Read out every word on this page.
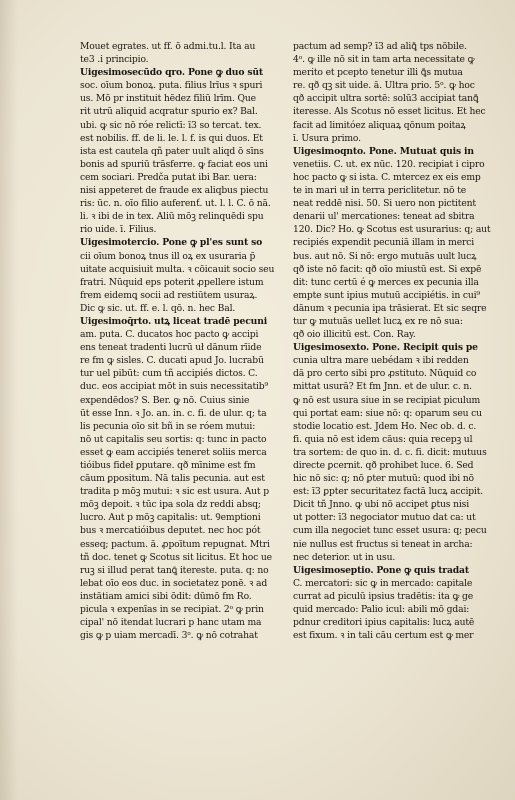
Mouet egrates. ut ff. ō admi.tu.l. Ita au
te3 .i principio.
Uigesimosecūdo qro. Pone ꝙ duo sūt
soc. oīum bonoꝝ. puta. filius lrīus ꝛ spuri
us. Mō pr instituit hēdez filiū lrīm. Que
rit utrū aliquid acqratur spurio ex? Bal.
ubi. ꝙ sic nō róe relictī: ī3 so tercat. tex.
est nobilis. ff. de li. le. l. f. is qui duos. Et
ista est cautela qñ pater uult aliqd ō sīns
bonis ad spuriū trāsferre. ꝙ faciat eos uni
cem sociari. Predča putat ibi Bar. uera:
nisi appeteret de fraude ex aliqbus piectu
ris: ūc. n. oīo filio auferenť. ut. l. l. C. ō nā.
li. ꝛ ibi de in tex. Aliū mōꝫ relinquēdi spu
rio uide. ī. Filius.
Uigesimotercio. Pone ꝙ pl'es sunt so
cii oīum bonoꝝ tnus ill oꝝ ex usuraria p̄
uitate acquisiuit multa. ꝛ cōicauit socio seu
fratri. Nūquid eps poterit ꝓpellere istum
frem eidemꝗ socii ad restiūtem usuraꝝ.
Dic ꝙ sic. ut. ff. e. l. qō. n. hec Bal.
Uigesimoq̄rto. utꝝ liceat tradē pecuni
am. puta. C. ducatos hoc pacto ꝙ accipi
ens teneat tradenti lucrū uł dānum rīide
re fm ꝙ sisles. C. ducati apud Jo. lucrabū
tur uel pibūt: cum tñ accipiés dictos. C.
duc. eos accipiat mōt in suis necessitatib⁹
expendēdos? S. Ber. ꝙ nō. Cuius sinie
ūt esse Inn. ꝛ Jo. an. in. c. fi. de ulur. q; ta
lis pecunia oīo sit bñ in se róem mutui:
nō ut capitalis seu sortis: q: tunc in pacto
esset ꝙ eam accipiés teneret soliis merca
tióibus fideł ꝑputare. qð mīnime est fm
cāum ꝑpositum. Nā talis pecunia. aut est
tradita p mōꝫ mutui: ꝛ sic est usura. Aut p
mōꝫ depoit. ꝛ tūc ipa sola dz reddi absq;
lucro. Aut p mōꝫ capitalis: ut. Ꝯemptioni
bus ꝛ mercatióibus deputet. nec hoc pót
esseq; pactum. ā. ꝓpoītum repugnat. Mtri
tñ doc. tenet ꝙ Scotus sit licitus. Et hoc ue
ruꝫ si illud perat tanꝗ̄ itereste. puta. q: no
lebat oīo eos duc. in societatez ponē. ꝛ ad
instātiam amici sibi ōdit: dūmō fm Ro.
picula ꝛ expenīas in se recipiat. 2ᵒ ꝙ prin
cipal' nō itendat lucrari p hanc utam ma
gis ꝙ p uiam mercadī. 3ᵒ. ꝙ nō cotrahat
pactum ad semp? ī3 ad aliꝗ̄ tps nōbile.
4ᵒ. ꝙ ille nō sit in tam arta necessitate ꝙ
merito et pcepto tenetur illi ꝗ̄s mutua
re. qð qꝫ sit uide. ā. Ultra prio. 5ᵒ. ꝙ hoc
qð accipit ultra sortē: solū3 accipiat tanꝗ̄
iteresse. Als Scotus nō esset licitus. Et hec
facit ad limitóez aliquaꝝ qōnum poitaꝝ
ī. Usura primo.
Uigesimoqnto. Pone. Mutuat quis in
venetiis. C. ut. ex nūc. 120. recipiat i cipro
hoc pacto ꝙ si ista. C. mtercez ex eis emp
te in mari uł in terra periclitetur. nō te
neat reddē nisi. 50. Si uero non pictitent
denarii ul' mercationes: teneat ad sbitra
120. Dic? Ho. ꝙ Scotus est usurarius: q; aut
recipiés expendit pecuniā illam in merci
bus. aut nō. Si nō: ergo mutuās uult lucꝝ
qð iste nō facit: qð oīo miustū est. Si expē
dit: tunc certū é ꝙ merces ex pecunia illa
empte sunt ipius mutuū accipiétis. in cui⁹
dānum ꝛ pecunia ipa trāsierat. Et sic seqre
tur ꝙ mutuās uellet lucꝝ ex re nō sua:
qð oio illicitū est. Con. Ray.
Uigesimosexto. Pone. Recipit quis pe
cunia ultra mare uebédam ꝛ ibi redden
dā pro certo sibi pro ꝓstituto. Nūquid co
mittat usurā? Et fm Jnn. et de ulur. c. n.
ꝙ nō est usura siue in se recipiat piculum
qui portat eam: siue nō: q: oparum seu cu
stodie locatio est. Jdem Ho. Nec ob. d. c.
fi. quia nō est idem cāus: quia recepꝫ ul
tra sortem: de quo in. d. c. fi. dicit: mutuus
directe ꝑcernit. qð prohibet luce. 6. Sed
hic nō sic: q; nō ꝑter mutuū: quod ibi nō
est: ī3 ꝑpter securitatez factā lucꝝ accipit.
Dicit tñ Jnno. ꝙ ubi nō accipet ꝑtus nisi
ut potter: ī3 negociator mutuo dat ca: ut
cum illa negociet tunc esset usura: q; pecu
nie nullus est fructus si teneat in archa:
nec deterior. ut in usu.
Uigesimoseptio. Pone ꝙ quis tradat
C. mercatori: sic ꝙ in mercado: capitale
currat ad piculū ipsius tradētis: ita ꝙ ge
quid mercado: Palio icul: abili mō gdai:
pdnur creditori ipius capitalis: lucꝝ autē
est fixum. ꝛ in tali cāu certum est ꝙ mer
